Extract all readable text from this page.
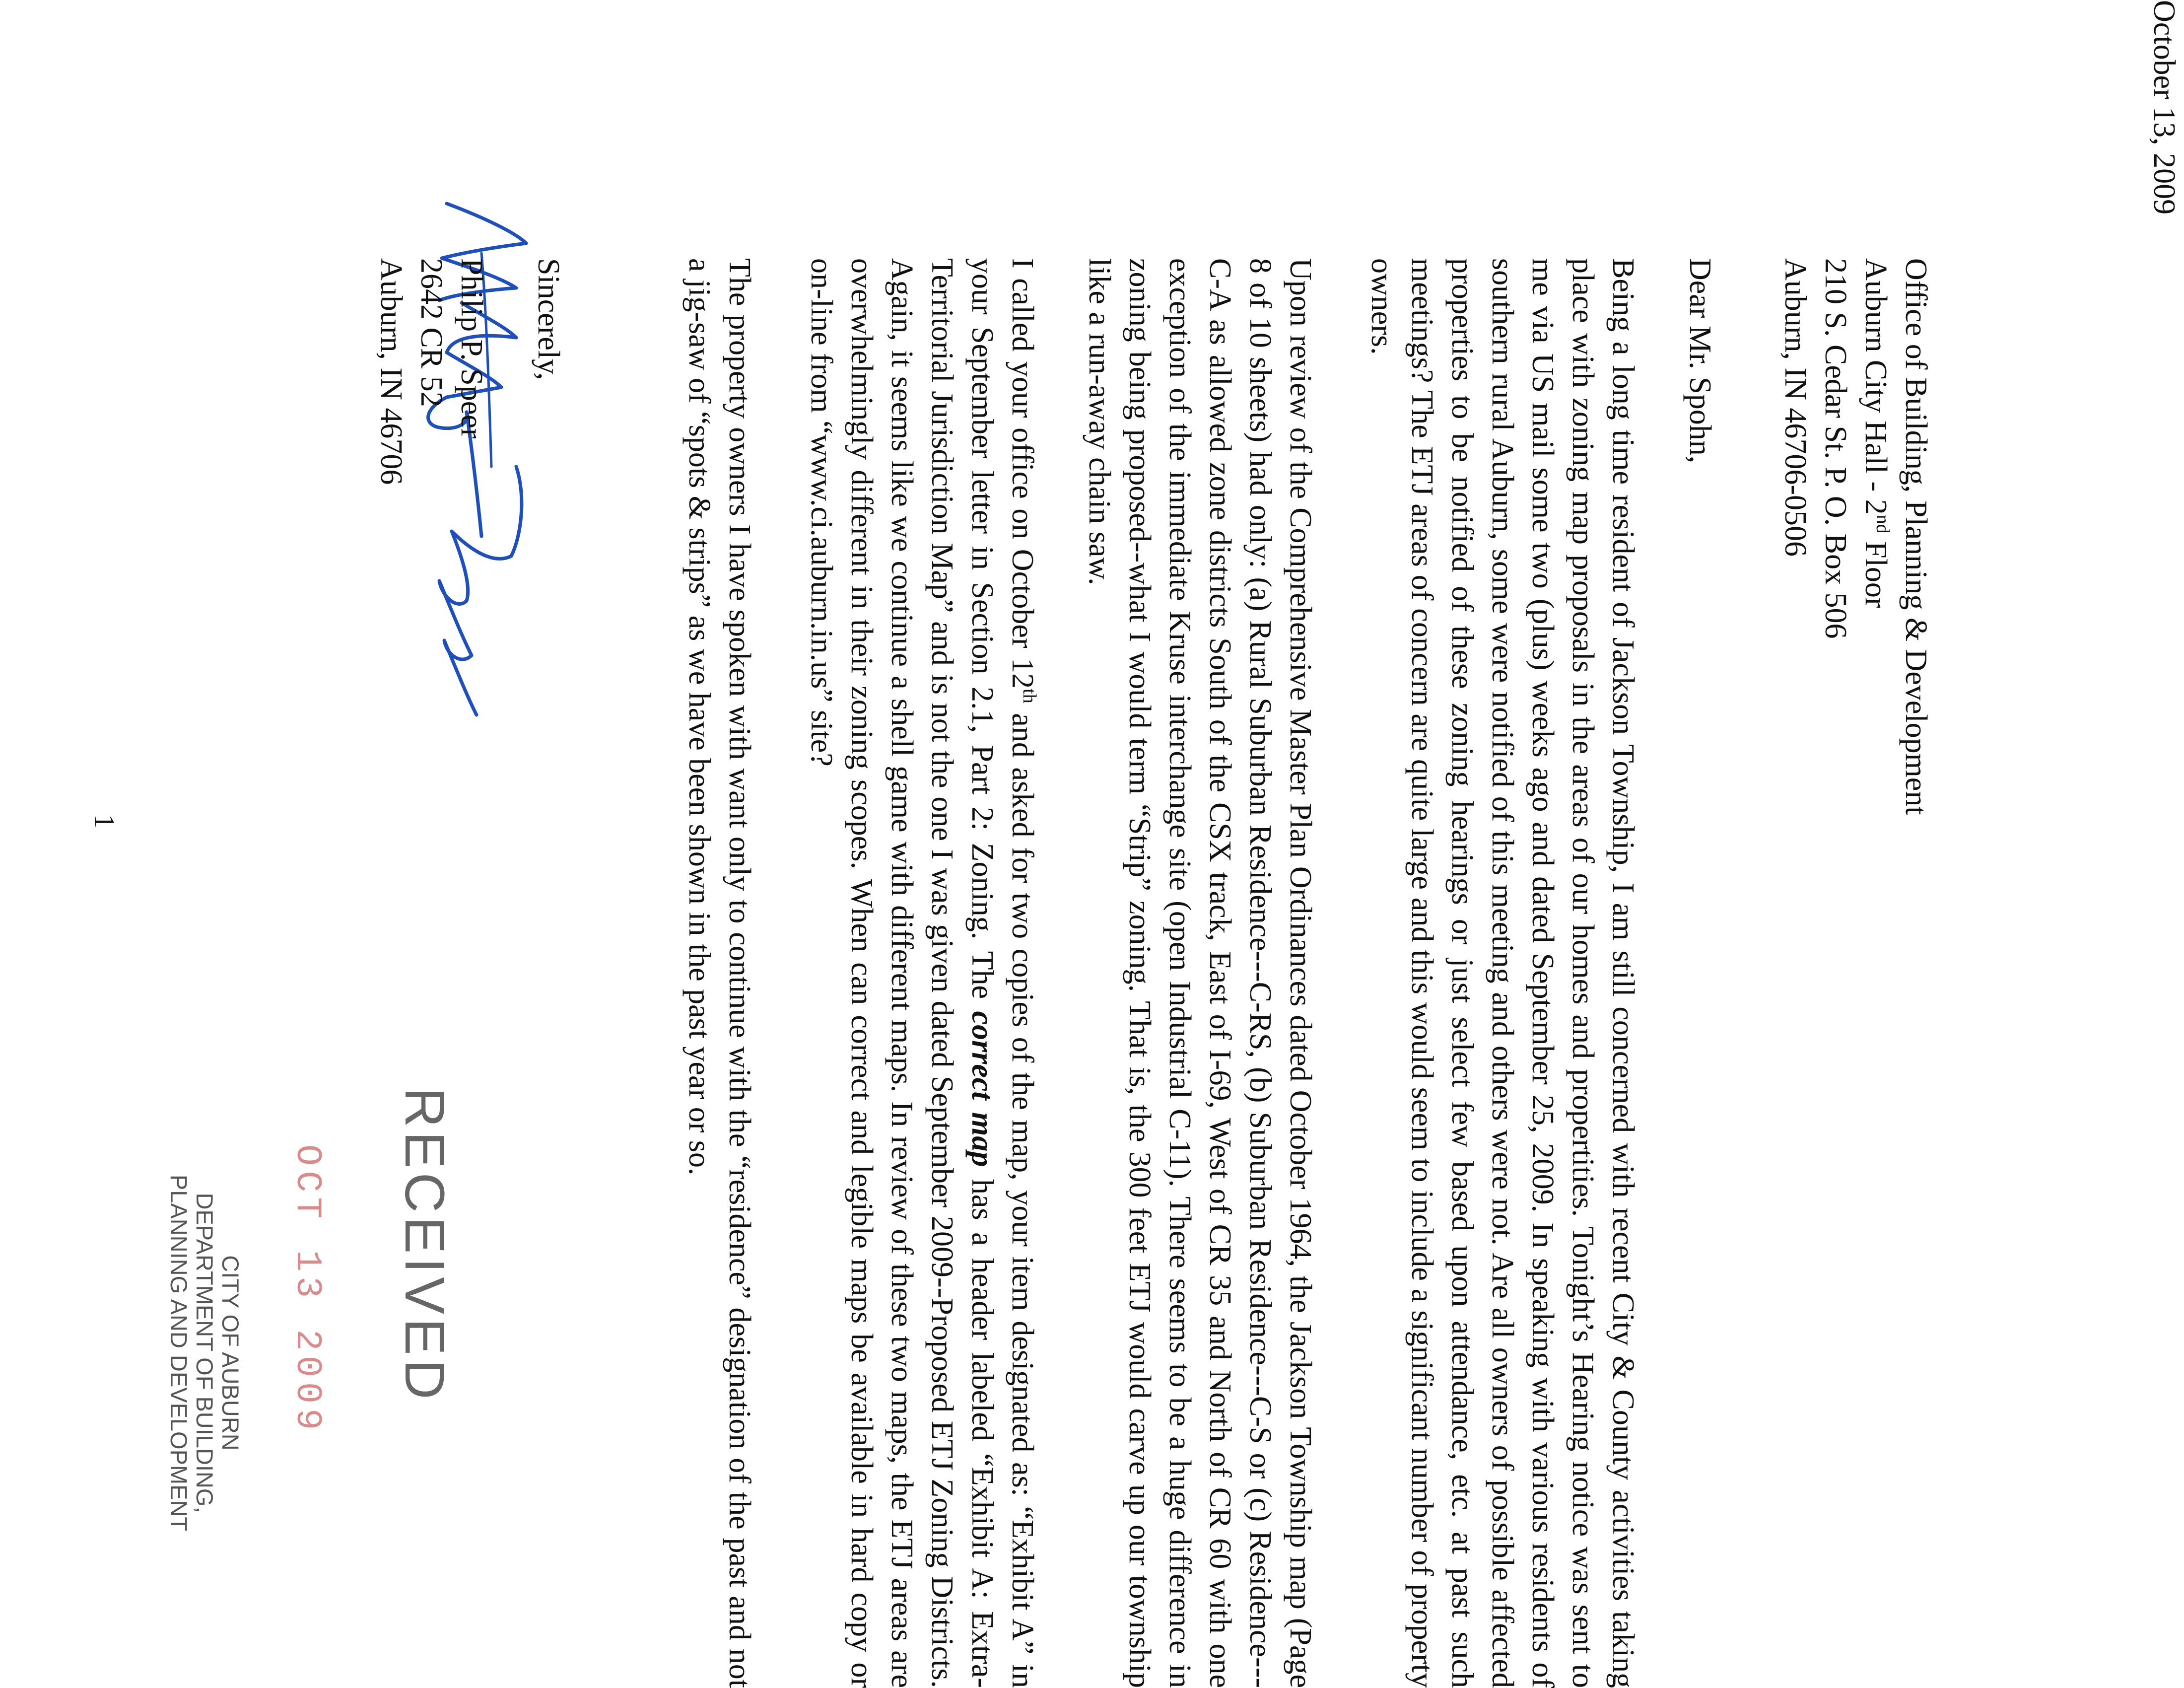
Office of Building, Planning & Development
Auburn City Hall - 2nd Floor
210 S. Cedar St. P. O. Box 506
Auburn, IN 46706-0506
October 13, 2009
Dear Mr. Spohn,
Being a long time resident of Jackson Township, I am still concerned with recent City & County activities taking place with zoning map proposals in the areas of our homes and propertities. Tonight’s Hearing notice was sent to me via US mail some two (plus) weeks ago and dated September 25, 2009. In speaking with various residents of southern rural Auburn, some were notified of this meeting and others were not. Are all owners of possible affected properties to be notified of these zoning hearings or just select few based upon attendance, etc. at past such meetings? The ETJ areas of concern are quite large and this would seem to include a significant number of property owners.
Upon review of the Comprehensive Master Plan Ordinances dated October 1964, the Jackson Township map (Page 8 of 10 sheets) had only: (a) Rural Suburban Residence---C-RS, (b) Suburban Residence---C-S or (c) Residence---C-A as allowed zone districts South of the CSX track, East of I-69, West of CR 35 and North of CR 60 with one exception of the immediate Kruse interchange site (open Industrial C-11). There seems to be a huge difference in zoning being proposed--what I would term “Strip” zoning. That is, the 300 feet ETJ would carve up our township like a run-away chain saw.
I called your office on October 12th and asked for two copies of the map, your item designated as: “Exhibit A” in your September letter in Section 2.1, Part 2: Zoning. The correct map has a header labeled “Exhibit A: Extra-Territorial Jurisdiction Map” and is not the one I was given dated September 2009--Proposed ETJ Zoning Districts. Again, it seems like we continue a shell game with different maps. In review of these two maps, the ETJ areas are overwhelmingly different in their zoning scopes. When can correct and legible maps be available in hard copy or on-line from “www.ci.auburn.in.us” site?
The property owners I have spoken with want only to continue with the “residence” designation of the past and not a jig-saw of “spots & strips” as we have been shown in the past year or so.
Sincerely,
Philip P. Speer
2642 CR 52
Auburn, IN 46706
1
RECEIVED
OCT 13 2009
CITY OF AUBURN
DEPARTMENT OF BUILDING,
PLANNING AND DEVELOPMENT
